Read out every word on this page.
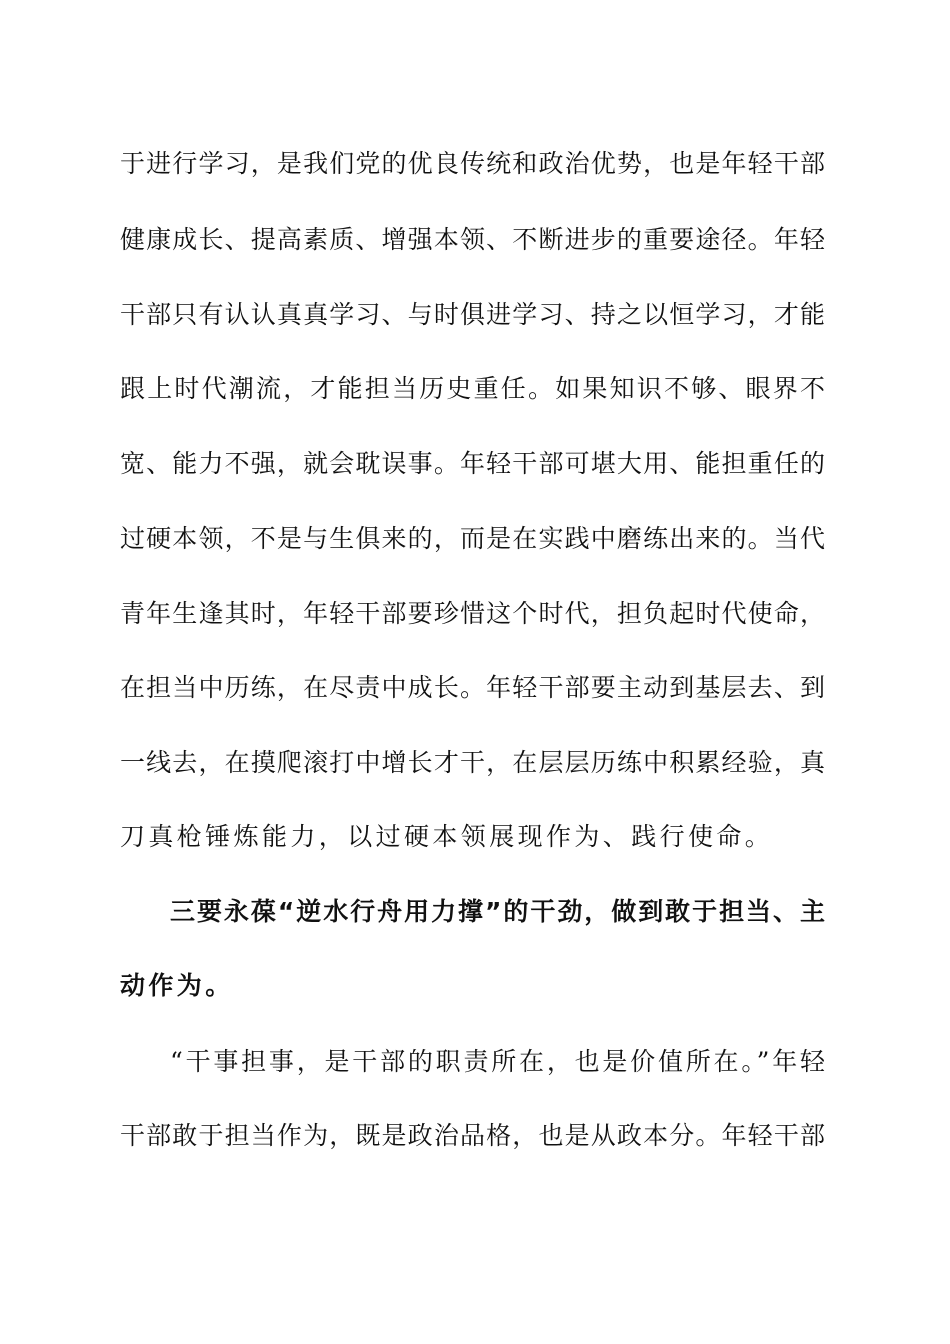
于进行学习，是我们党的优良传统和政治优势，也是年轻干部
健康成长、提高素质、增强本领、不断进步的重要途径。年轻
干部只有认认真真学习、与时俱进学习、持之以恒学习，才能
跟上时代潮流，才能担当历史重任。如果知识不够、眼界不
宽、能力不强，就会耽误事。年轻干部可堪大用、能担重任的
过硬本领，不是与生俱来的，而是在实践中磨练出来的。当代
青年生逢其时，年轻干部要珍惜这个时代，担负起时代使命，
在担当中历练，在尽责中成长。年轻干部要主动到基层去、到
一线去，在摸爬滚打中增长才干，在层层历练中积累经验，真
刀真枪锤炼能力，以过硬本领展现作为、践行使命。
三要永葆“逆水行舟用力撑”的干劲，做到敢于担当、主
动作为。
“干事担事，是干部的职责所在，也是价值所在。”年轻
干部敢于担当作为，既是政治品格，也是从政本分。年轻干部
